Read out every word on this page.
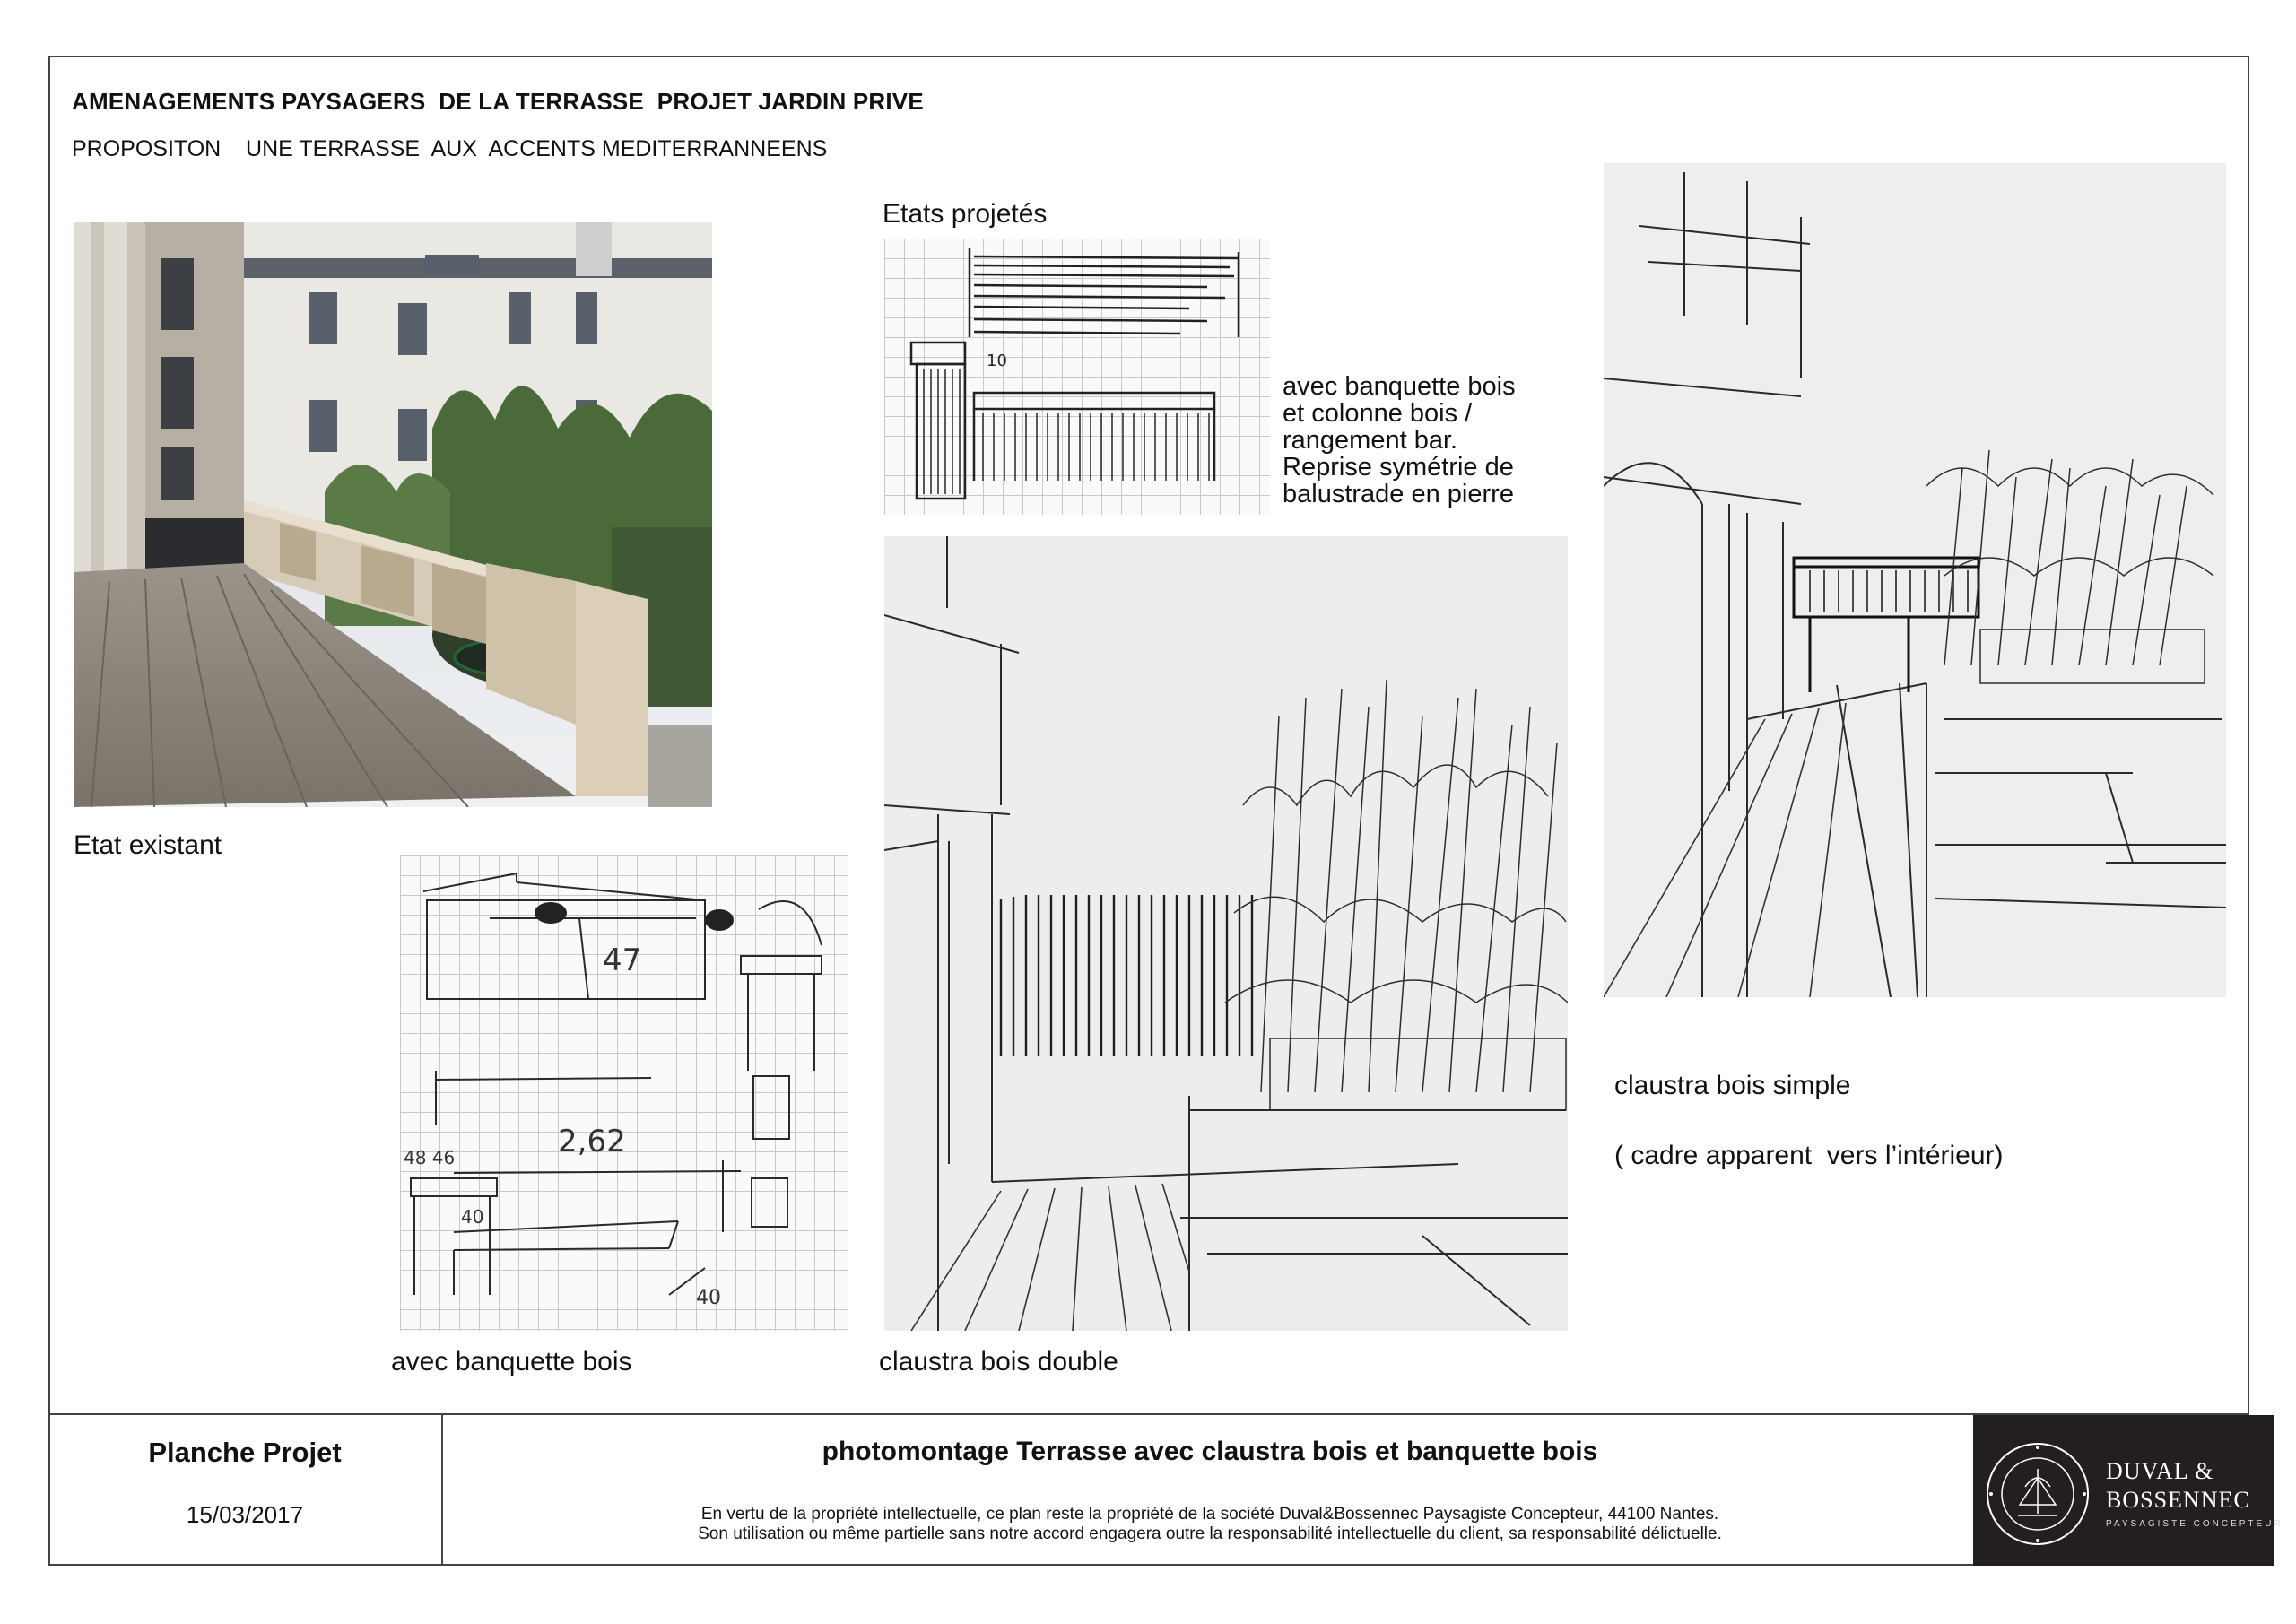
AMENAGEMENTS PAYSAGERS  DE LA TERRASSE  PROJET JARDIN PRIVE
PROPOSITON    UNE TERRASSE  AUX  ACCENTS MEDITERRANNEENS
Etat existant
Etats projetés
10
avec banquette bois
et colonne bois /
rangement bar.
Reprise symétrie de
balustrade en pierre
47
2,62
48 46
40
40
avec banquette bois	claustra bois double

claustra bois simple

( cadre apparent  vers l’intérieur)

Planche Projet
15/03/2017
photomontage Terrasse avec claustra bois et banquette bois
En vertu de la propriété intellectuelle, ce plan reste la propriété de la société Duval&Bossennec Paysagiste Concepteur, 44100 Nantes.
Son utilisation ou même partielle sans notre accord engagera outre la responsabilité intellectuelle du client, sa responsabilité délictuelle.
DUVAL &
BOSSENNEC
PAYSAGISTE CONCEPTEUR
